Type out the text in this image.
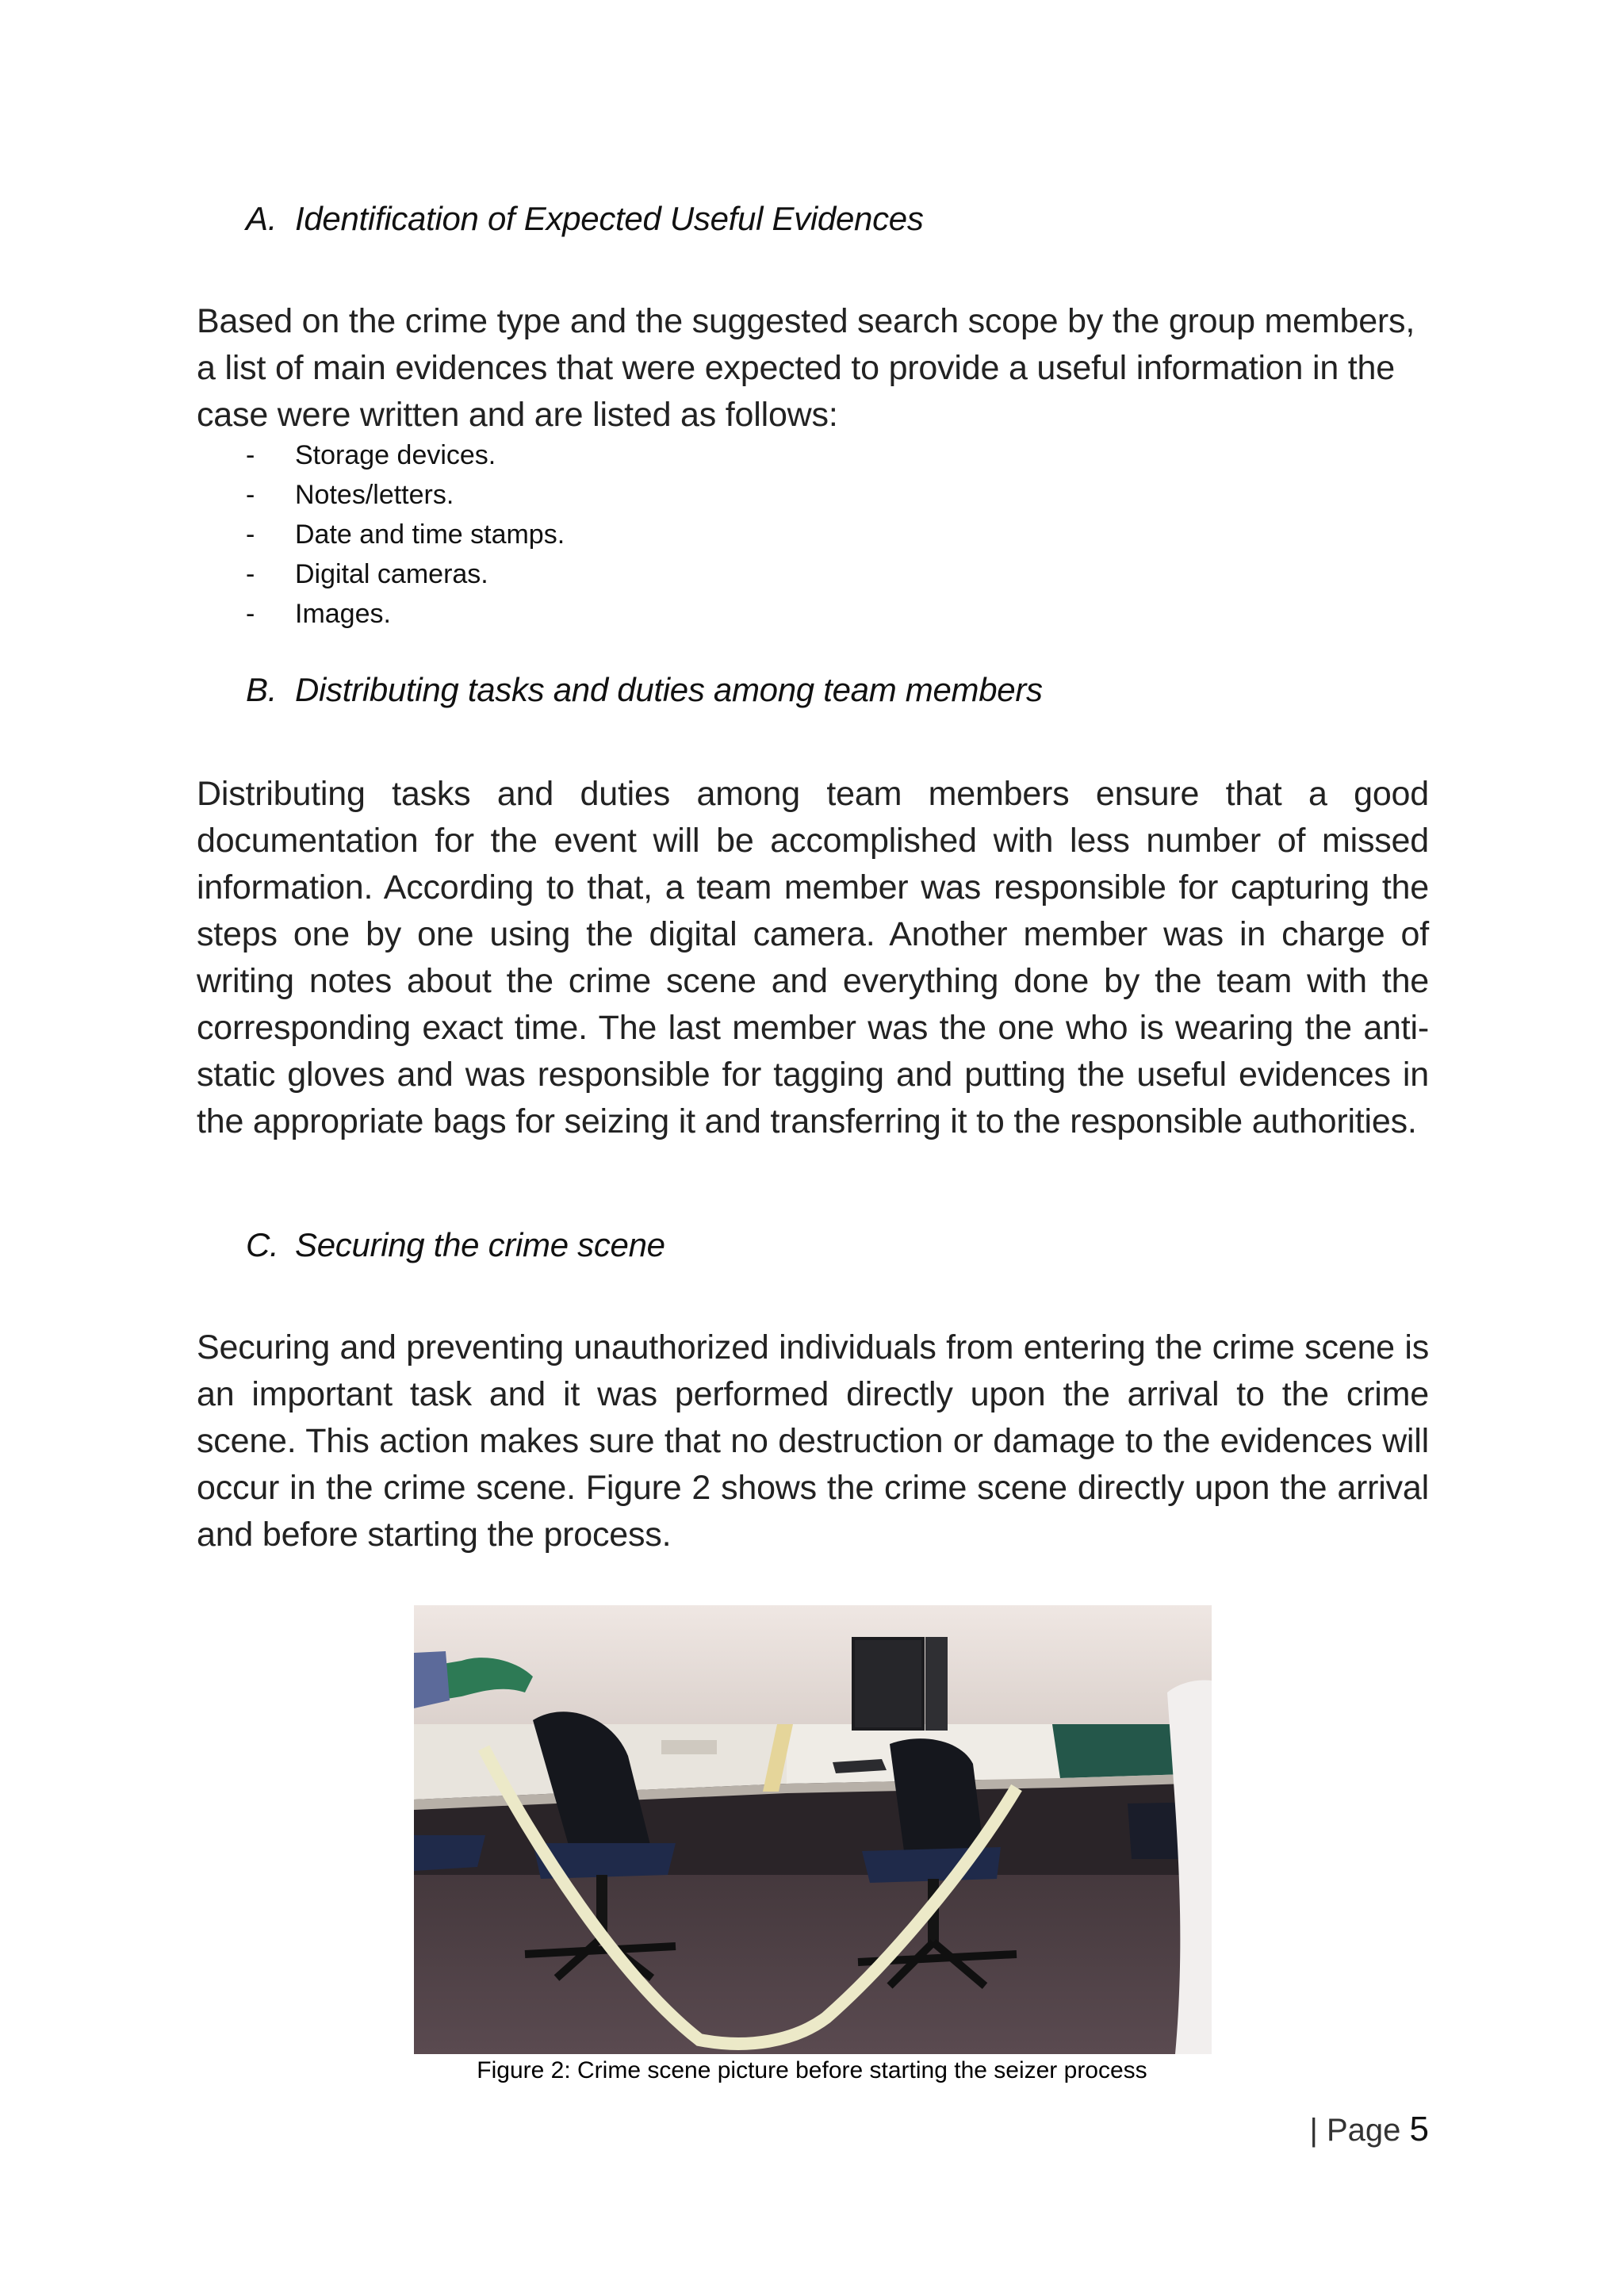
A. Identification of Expected Useful Evidences
Based on the crime type and the suggested search scope by the group members, a list of main evidences that were expected to provide a useful information in the case were written and are listed as follows:
- Storage devices.
- Notes/letters.
- Date and time stamps.
- Digital cameras.
- Images.
B. Distributing tasks and duties among team members
Distributing tasks and duties among team members ensure that a good documentation for the event will be accomplished with less number of missed information. According to that, a team member was responsible for capturing the steps one by one using the digital camera. Another member was in charge of writing notes about the crime scene and everything done by the team with the corresponding exact time. The last member was the one who is wearing the anti-static gloves and was responsible for tagging and putting the useful evidences in the appropriate bags for seizing it and transferring it to the responsible authorities.
C. Securing the crime scene
Securing and preventing unauthorized individuals from entering the crime scene is an important task and it was performed directly upon the arrival to the crime scene. This action makes sure that no destruction or damage to the evidences will occur in the crime scene. Figure 2 shows the crime scene directly upon the arrival and before starting the process.
Figure 2: Crime scene picture before starting the seizer process
| Page 5
